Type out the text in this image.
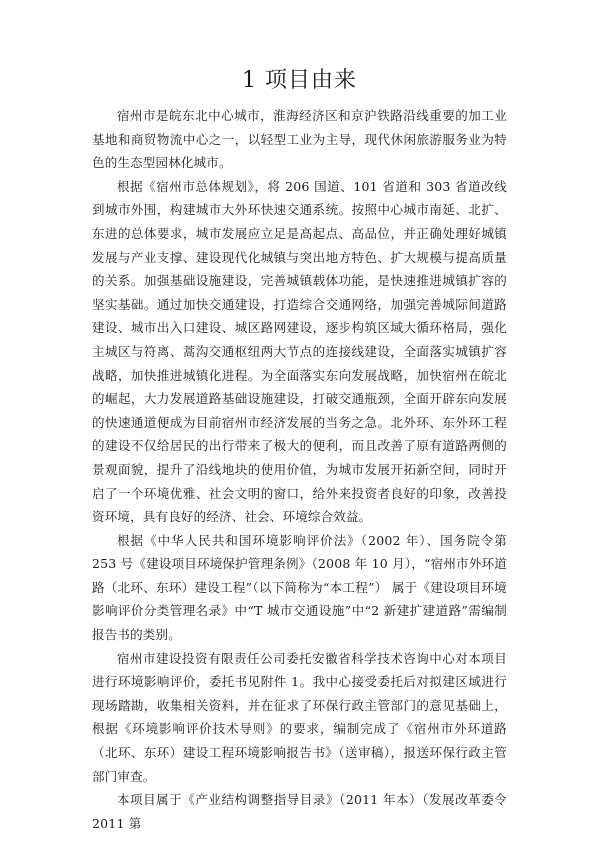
1 项目由来

宿州市是皖东北中心城市，淮海经济区和京沪铁路沿线重要的加工业基地和商贸物流中心之一，以轻型工业为主导，现代休闲旅游服务业为特色的生态型园林化城市。

根据《宿州市总体规划》，将 206 国道、101 省道和 303 省道改线到城市外围，构建城市大外环快速交通系统。按照中心城市南延、北扩、东进的总体要求，城市发展应立足是高起点、高品位，并正确处理好城镇发展与产业支撑、建设现代化城镇与突出地方特色、扩大规模与提高质量的关系。加强基础设施建设，完善城镇载体功能，是快速推进城镇扩容的坚实基础。通过加快交通建设，打造综合交通网络，加强完善城际间道路建设、城市出入口建设、城区路网建设，逐步构筑区域大循环格局，强化主城区与符离、蒿沟交通枢纽两大节点的连接线建设，全面落实城镇扩容战略，加快推进城镇化进程。为全面落实东向发展战略，加快宿州在皖北的崛起，大力发展道路基础设施建设，打破交通瓶颈，全面开辟东向发展的快速通道便成为目前宿州市经济发展的当务之急。北外环、东外环工程的建设不仅给居民的出行带来了极大的便利，而且改善了原有道路两侧的景观面貌，提升了沿线地块的使用价值，为城市发展开拓新空间，同时开启了一个环境优雅、社会文明的窗口，给外来投资者良好的印象，改善投资环境，具有良好的经济、社会、环境综合效益。

根据《中华人民共和国环境影响评价法》（2002 年）、国务院令第 253 号《建设项目环境保护管理条例》（2008 年 10 月），“宿州市外环道路（北环、东环）建设工程”（以下简称为“本工程”） 属于《建设项目环境影响评价分类管理名录》中“T 城市交通设施”中“2 新建扩建道路”需编制报告书的类别。

宿州市建设投资有限责任公司委托安徽省科学技术咨询中心对本项目进行环境影响评价，委托书见附件 1。我中心接受委托后对拟建区域进行现场踏勘，收集相关资料，并在征求了环保行政主管部门的意见基础上，根据《环境影响评价技术导则》的要求，编制完成了《宿州市外环道路（北环、东环）建设工程环境影响报告书》（送审稿），报送环保行政主管部门审查。

本项目属于《产业结构调整指导目录》（2011 年本）（发展改革委令 2011 第
